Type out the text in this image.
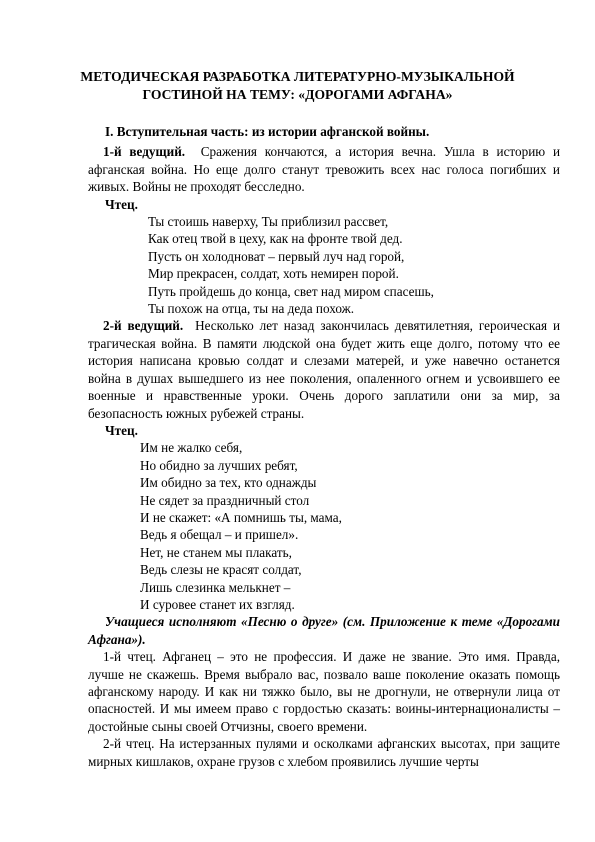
МЕТОДИЧЕСКАЯ РАЗРАБОТКА ЛИТЕРАТУРНО-МУЗЫКАЛЬНОЙ
ГОСТИНОЙ НА ТЕМУ: «ДОРОГАМИ АФГАНА»

I. Вступительная часть: из истории афганской войны.

1-й ведущий. Сражения кончаются, а история вечна. Ушла в историю и афганская война. Но еще долго станут тревожить всех нас голоса погибших и живых. Войны не проходят бесследно.

Чтец.

Ты стоишь наверху, Ты приблизил рассвет,
Как отец твой в цеху, как на фронте твой дед.
Пусть он холодноват – первый луч над горой,
Мир прекрасен, солдат, хоть немирен порой.
Путь пройдешь до конца, свет над миром спасешь,
Ты похож на отца, ты на деда похож.

2-й ведущий. Несколько лет назад закончилась девятилетняя, героическая и трагическая война. В памяти людской она будет жить еще долго, потому что ее история написана кровью солдат и слезами матерей, и уже навечно останется война в душах вышедшего из нее поколения, опаленного огнем и усвоившего ее военные и нравственные уроки. Очень дорого заплатили они за мир, за безопасность южных рубежей страны.

Чтец.

Им не жалко себя,
Но обидно за лучших ребят,
Им обидно за тех, кто однажды
Не сядет за праздничный стол
И не скажет: «А помнишь ты, мама,
Ведь я обещал – и пришел».
Нет, не станем мы плакать,
Ведь слезы не красят солдат,
Лишь слезинка мелькнет –
И суровее станет их взгляд.

Учащиеся исполняют «Песню о друге» (см. Приложение к теме «Дорогами Афгана»).

1-й чтец. Афганец – это не профессия. И даже не звание. Это имя. Правда, лучше не скажешь. Время выбрало вас, позвало ваше поколение оказать помощь афганскому народу. И как ни тяжко было, вы не дрогнули, не отвернули лица от опасностей. И мы имеем право с гордостью сказать: воины-интернационалисты – достойные сыны своей Отчизны, своего времени.

2-й чтец. На истерзанных пулями и осколками афганских высотах, при защите мирных кишлаков, охране грузов с хлебом проявились лучшие черты
